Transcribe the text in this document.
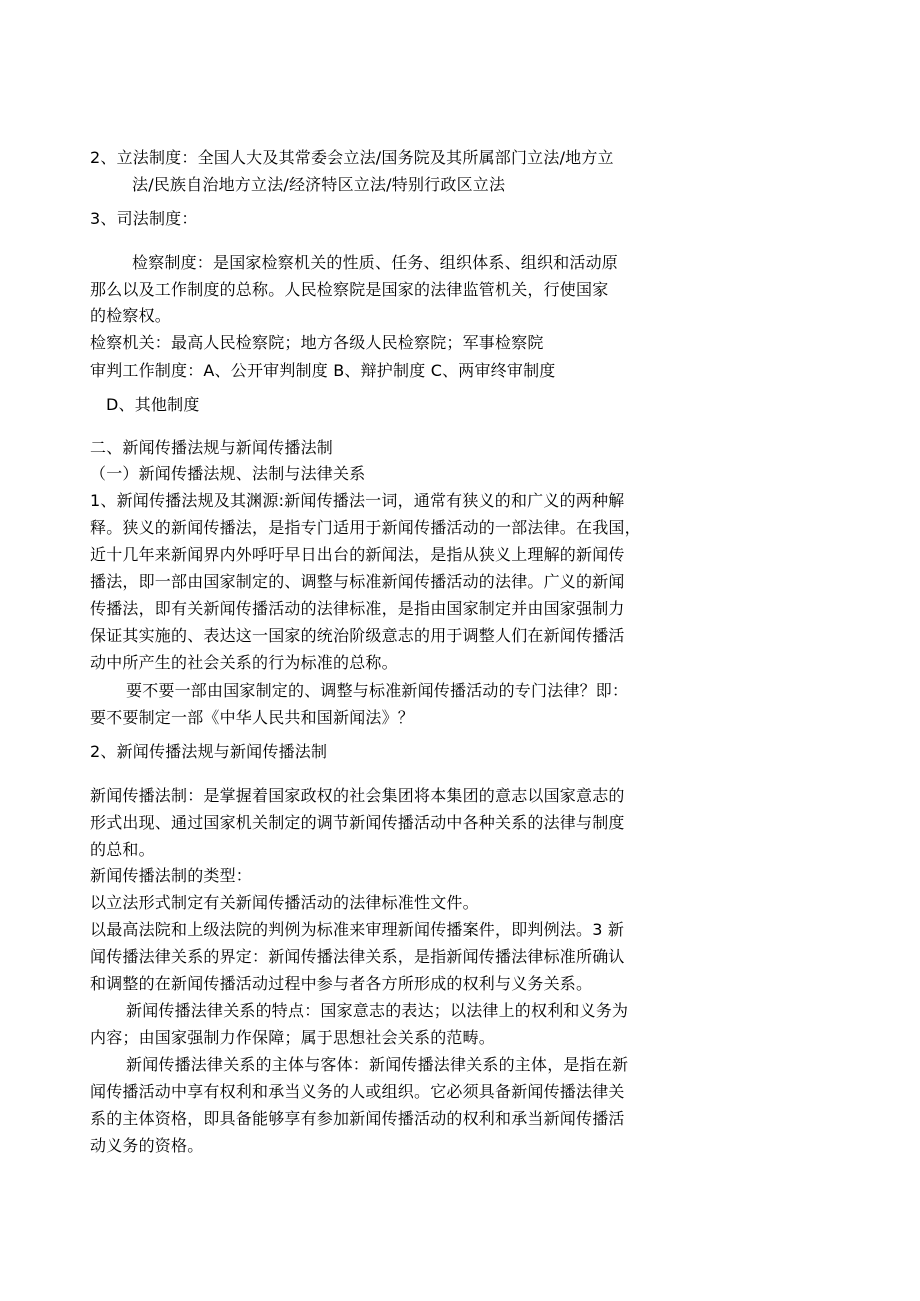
2、立法制度：全国人大及其常委会立法/国务院及其所属部门立法/地方立
法/民族自治地方立法/经济特区立法/特别行政区立法
3、司法制度：
检察制度：是国家检察机关的性质、任务、组织体系、组织和活动原
那么以及工作制度的总称。人民检察院是国家的法律监管机关，行使国家
的检察权。
检察机关：最高人民检察院；地方各级人民检察院；军事检察院
审判工作制度：A、公开审判制度 B、辩护制度 C、两审终审制度
D、其他制度
二、新闻传播法规与新闻传播法制
（一）新闻传播法规、法制与法律关系
1、新闻传播法规及其渊源:新闻传播法一词，通常有狭义的和广义的两种解
释。狭义的新闻传播法，是指专门适用于新闻传播活动的一部法律。在我国，
近十几年来新闻界内外呼吁早日出台的新闻法，是指从狭义上理解的新闻传
播法，即一部由国家制定的、调整与标准新闻传播活动的法律。广义的新闻
传播法，即有关新闻传播活动的法律标准，是指由国家制定并由国家强制力
保证其实施的、表达这一国家的统治阶级意志的用于调整人们在新闻传播活
动中所产生的社会关系的行为标准的总称。
要不要一部由国家制定的、调整与标准新闻传播活动的专门法律？即：
要不要制定一部《中华人民共和国新闻法》？
2、新闻传播法规与新闻传播法制
新闻传播法制：是掌握着国家政权的社会集团将本集团的意志以国家意志的
形式出现、通过国家机关制定的调节新闻传播活动中各种关系的法律与制度
的总和。
新闻传播法制的类型：
以立法形式制定有关新闻传播活动的法律标准性文件。
以最高法院和上级法院的判例为标准来审理新闻传播案件，即判例法。3 新
闻传播法律关系的界定：新闻传播法律关系，是指新闻传播法律标准所确认
和调整的在新闻传播活动过程中参与者各方所形成的权利与义务关系。
新闻传播法律关系的特点：国家意志的表达；以法律上的权利和义务为
内容；由国家强制力作保障；属于思想社会关系的范畴。
新闻传播法律关系的主体与客体：新闻传播法律关系的主体，是指在新
闻传播活动中享有权利和承当义务的人或组织。它必须具备新闻传播法律关
系的主体资格，即具备能够享有参加新闻传播活动的权利和承当新闻传播活
动义务的资格。
